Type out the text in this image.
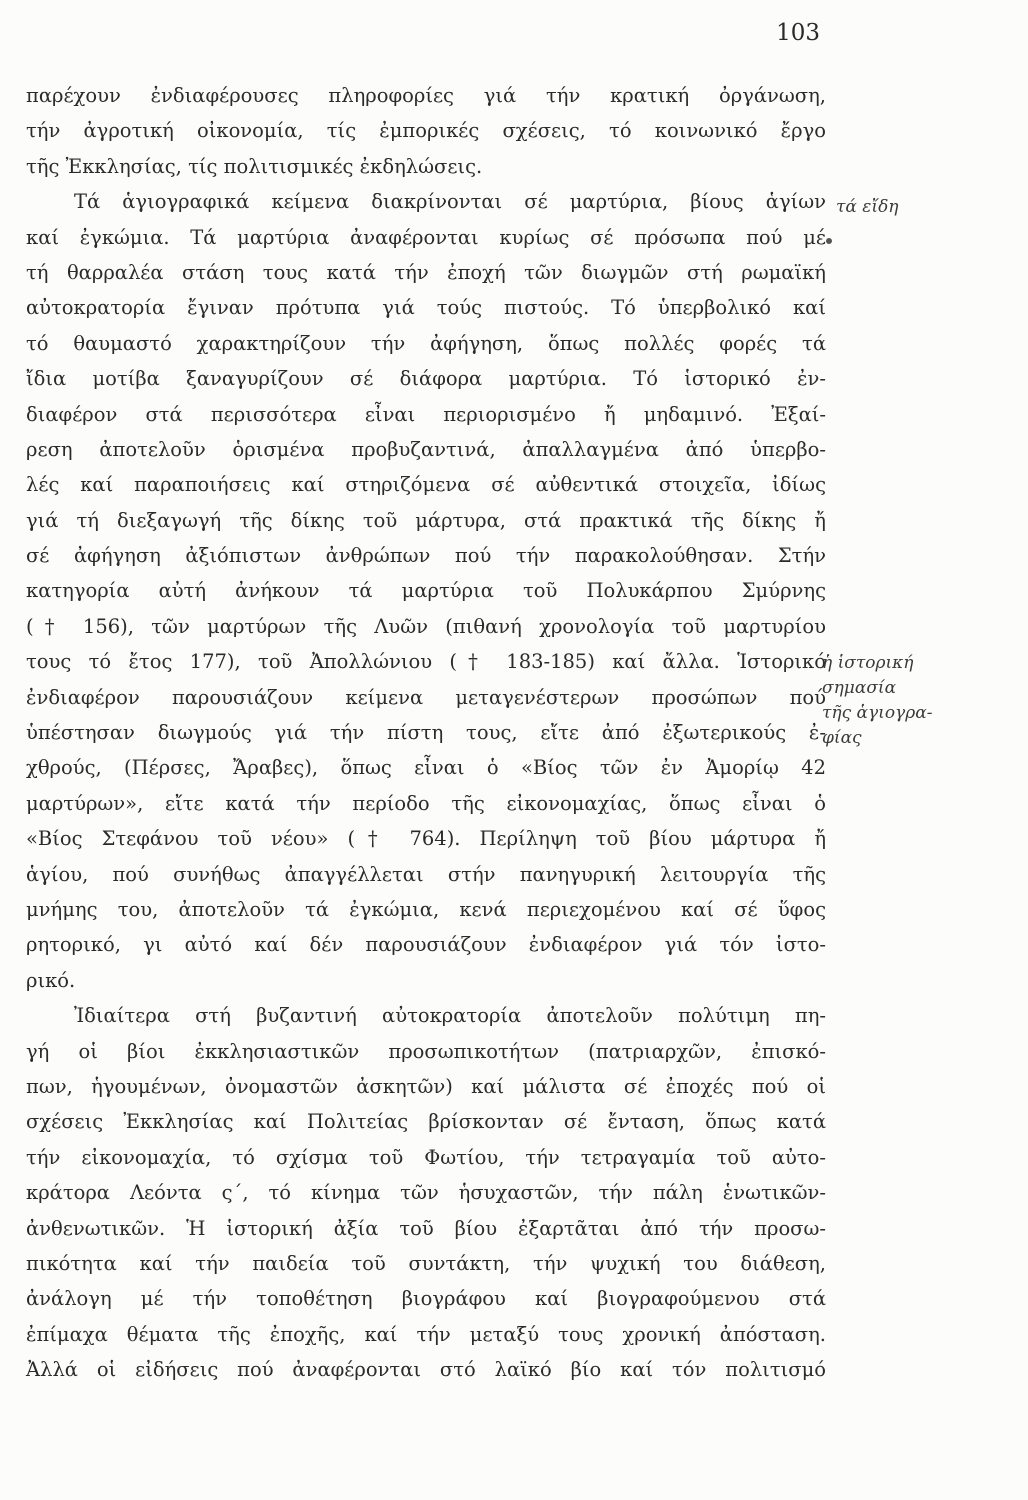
103
παρέχουν ἐνδιαφέρουσες πληροφορίες γιά τήν κρατική ὀργάνωση,
τήν ἀγροτική οἰκονομία, τίς ἐμπορικές σχέσεις, τό κοινωνικό ἔργο
τῆς Ἐκκλησίας, τίς πολιτισμικές ἐκδηλώσεις.
Τά ἁγιογραφικά κείμενα διακρίνονται σέ μαρτύρια, βίους ἁγίων
καί ἐγκώμια. Τά μαρτύρια ἀναφέρονται κυρίως σέ πρόσωπα πού μέ
τή θαρραλέα στάση τους κατά τήν ἐποχή τῶν διωγμῶν στή ρωμαϊκή
αὐτοκρατορία ἔγιναν πρότυπα γιά τούς πιστούς. Τό ὑπερβολικό καί
τό θαυμαστό χαρακτηρίζουν τήν ἀφήγηση, ὅπως πολλές φορές τά
ἴδια μοτίβα ξαναγυρίζουν σέ διάφορα μαρτύρια. Τό ἱστορικό ἐν-
διαφέρον στά περισσότερα εἶναι περιορισμένο ἤ μηδαμινό. Ἐξαί-
ρεση ἀποτελοῦν ὁρισμένα προβυζαντινά, ἀπαλλαγμένα ἀπό ὑπερβο-
λές καί παραποιήσεις καί στηριζόμενα σέ αὐθεντικά στοιχεῖα, ἰδίως
γιά τή διεξαγωγή τῆς δίκης τοῦ μάρτυρα, στά πρακτικά τῆς δίκης ἤ
σέ ἀφήγηση ἀξιόπιστων ἀνθρώπων πού τήν παρακολούθησαν. Στήν
κατηγορία αὐτή ἀνήκουν τά μαρτύρια τοῦ Πολυκάρπου Σμύρνης
(† 156), τῶν μαρτύρων τῆς Λυῶν (πιθανή χρονολογία τοῦ μαρτυρίου
τους τό ἔτος 177), τοῦ Ἀπολλώνιου († 183-185) καί ἄλλα. Ἱστορικό
ἐνδιαφέρον παρουσιάζουν κείμενα μεταγενέστερων προσώπων πού
ὑπέστησαν διωγμούς γιά τήν πίστη τους, εἴτε ἀπό ἐξωτερικούς ἐ-
χθρούς, (Πέρσες, Ἄραβες), ὅπως εἶναι ὁ «Βίος τῶν ἐν Ἀμορίῳ 42
μαρτύρων», εἴτε κατά τήν περίοδο τῆς εἰκονομαχίας, ὅπως εἶναι ὁ
«Βίος Στεφάνου τοῦ νέου» († 764). Περίληψη τοῦ βίου μάρτυρα ἤ
ἁγίου, πού συνήθως ἀπαγγέλλεται στήν πανηγυρική λειτουργία τῆς
μνήμης του, ἀποτελοῦν τά ἐγκώμια, κενά περιεχομένου καί σέ ὕφος
ρητορικό, γι αὐτό καί δέν παρουσιάζουν ἐνδιαφέρον γιά τόν ἱστο-
ρικό.
Ἰδιαίτερα στή βυζαντινή αὐτοκρατορία ἀποτελοῦν πολύτιμη πη-
γή οἱ βίοι ἐκκλησιαστικῶν προσωπικοτήτων (πατριαρχῶν, ἐπισκό-
πων, ἡγουμένων, ὀνομαστῶν ἀσκητῶν) καί μάλιστα σέ ἐποχές πού οἱ
σχέσεις Ἐκκλησίας καί Πολιτείας βρίσκονταν σέ ἔνταση, ὅπως κατά
τήν εἰκονομαχία, τό σχίσμα τοῦ Φωτίου, τήν τετραγαμία τοῦ αὐτο-
κράτορα Λεόντα ς΄, τό κίνημα τῶν ἡσυχαστῶν, τήν πάλη ἑνωτικῶν-
ἀνθενωτικῶν. Ἡ ἱστορική ἀξία τοῦ βίου ἐξαρτᾶται ἀπό τήν προσω-
πικότητα καί τήν παιδεία τοῦ συντάκτη, τήν ψυχική του διάθεση,
ἀνάλογη μέ τήν τοποθέτηση βιογράφου καί βιογραφούμενου στά
ἐπίμαχα θέματα τῆς ἐποχῆς, καί τήν μεταξύ τους χρονική ἀπόσταση.
Ἀλλά οἱ εἰδήσεις πού ἀναφέρονται στό λαϊκό βίο καί τόν πολιτισμό
τά εἴδη
ἡ ἱστορική
σημασία
τῆς ἁγιογρα-
φίας
